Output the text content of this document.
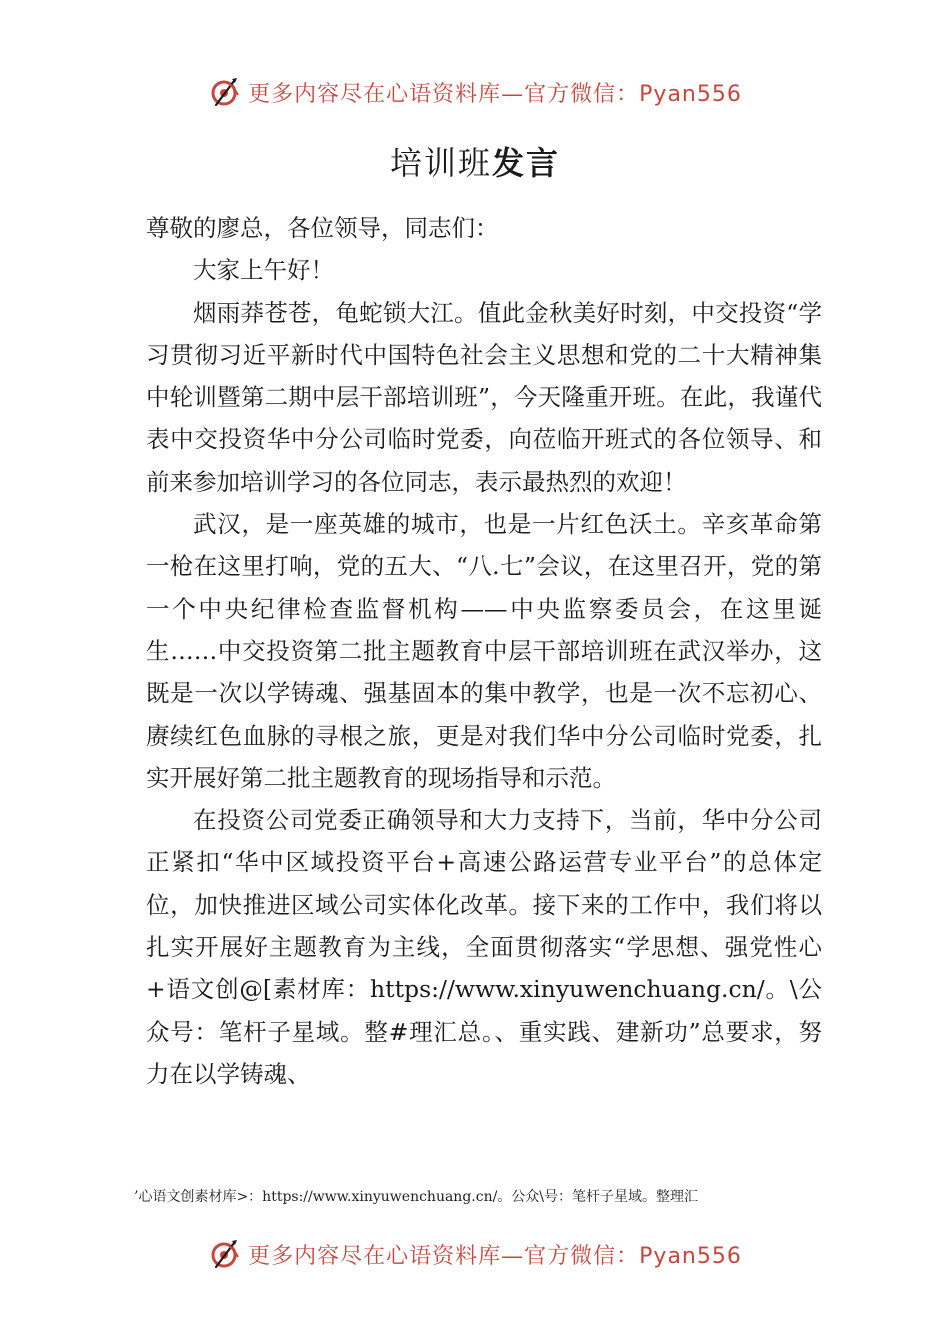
更多内容尽在心语资料库—官方微信：Pyan556
培训班发言

尊敬的廖总，各位领导，同志们：

大家上午好！

烟雨莽苍苍，龟蛇锁大江。值此金秋美好时刻，中交投资“学习贯彻习近平新时代中国特色社会主义思想和党的二十大精神集中轮训暨第二期中层干部培训班”，今天隆重开班。在此，我谨代表中交投资华中分公司临时党委，向莅临开班式的各位领导、和前来参加培训学习的各位同志，表示最热烈的欢迎！

武汉，是一座英雄的城市，也是一片红色沃土。辛亥革命第一枪在这里打响，党的五大、“八.七”会议，在这里召开，党的第一个中央纪律检查监督机构——中央监察委员会，在这里诞生……中交投资第二批主题教育中层干部培训班在武汉举办，这既是一次以学铸魂、强基固本的集中教学，也是一次不忘初心、赓续红色血脉的寻根之旅，更是对我们华中分公司临时党委，扎实开展好第二批主题教育的现场指导和示范。

在投资公司党委正确领导和大力支持下，当前，华中分公司正紧扣“华中区域投资平台+高速公路运营专业平台”的总体定位，加快推进区域公司实体化改革。接下来的工作中，我们将以扎实开展好主题教育为主线，全面贯彻落实“学思想、强党性心+语文创@[素材库：https://www.xinyuwenchuang.cn/。\公众号：笔杆子星域。整#理汇总。、重实践、建新功”总要求，努力在以学铸魂、

’心语文创素材库>：https://www.xinyuwenchuang.cn/。公众\号：笔杆子星域。整理汇
更多内容尽在心语资料库—官方微信：Pyan556
